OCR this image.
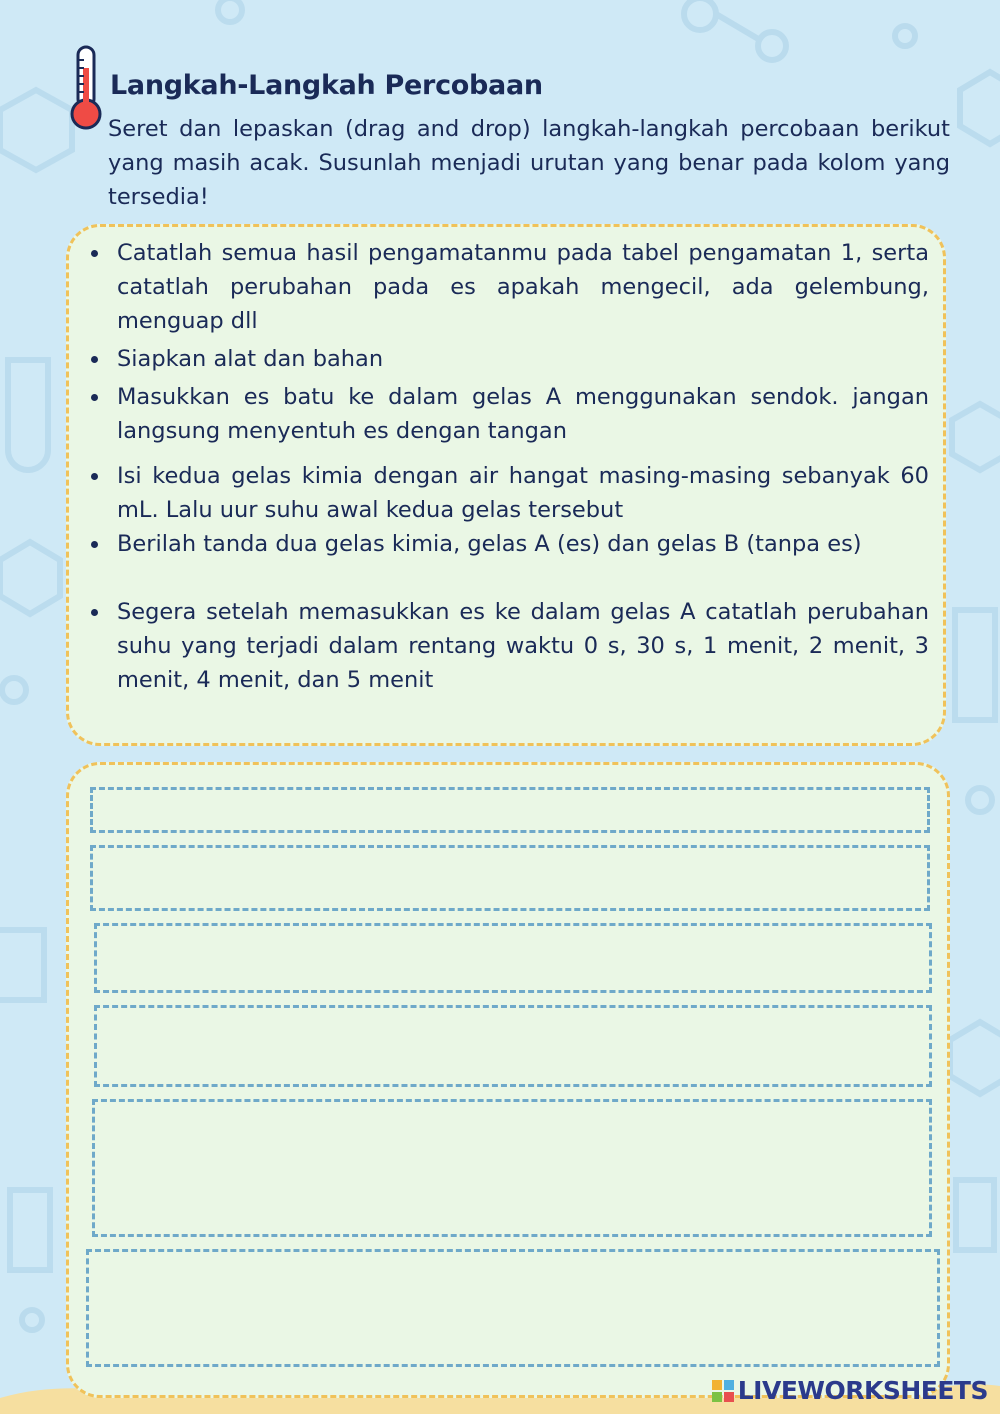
Langkah-Langkah Percobaan

Seret dan lepaskan (drag and drop) langkah-langkah percobaan berikut yang masih acak. Susunlah menjadi urutan yang benar pada kolom yang tersedia!

Catatlah semua hasil pengamatanmu pada tabel pengamatan 1, serta catatlah perubahan pada es apakah mengecil, ada gelembung, menguap dll
Siapkan alat dan bahan
Masukkan es batu ke dalam gelas A menggunakan sendok. jangan langsung menyentuh es dengan tangan
Isi kedua gelas kimia dengan air hangat masing-masing sebanyak 60 mL. Lalu uur suhu awal kedua gelas tersebut
Berilah tanda dua gelas kimia, gelas A (es) dan gelas B (tanpa es)
Segera setelah memasukkan es ke dalam gelas A catatlah perubahan suhu yang terjadi dalam rentang waktu 0 s, 30 s, 1 menit, 2 menit, 3 menit, 4 menit, dan 5 menit
LIVEWORKSHEETS
